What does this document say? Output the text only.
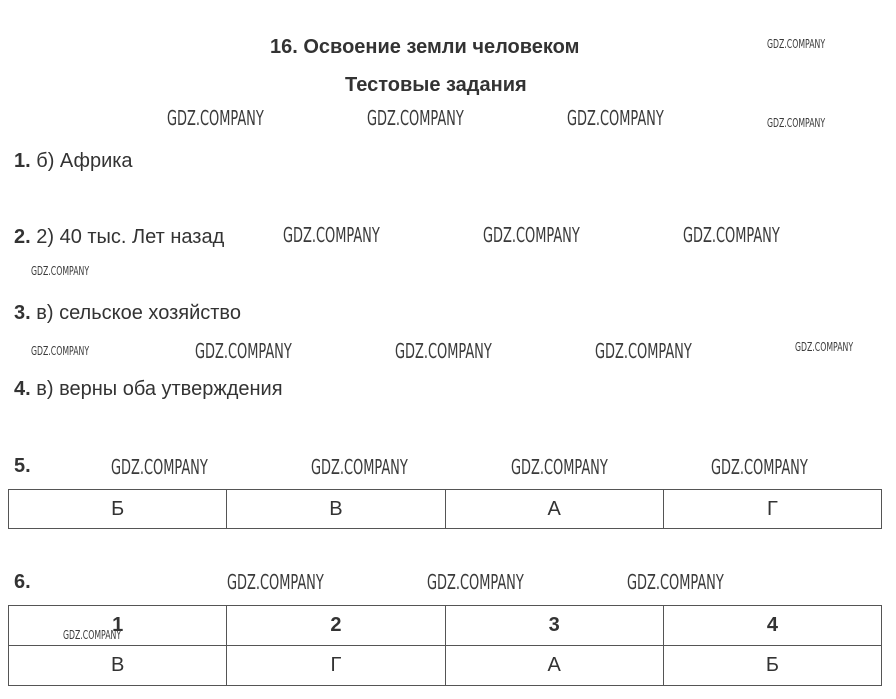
16. Освоение земли человеком
Тестовые задания
1. б) Африка
2. 2) 40 тыс. Лет назад
3. в) сельское хозяйство
4. в) верны оба утверждения
5.
Б	В	А	Г
6.
1	2	3	4
В	Г	А	Б
GDZ.COMPANY
GDZ.COMPANY	GDZ.COMPANY	GDZ.COMPANY	GDZ.COMPANY
GDZ.COMPANY	GDZ.COMPANY	GDZ.COMPANY
GDZ.COMPANY
GDZ.COMPANY	GDZ.COMPANY	GDZ.COMPANY	GDZ.COMPANY	GDZ.COMPANY
GDZ.COMPANY	GDZ.COMPANY	GDZ.COMPANY	GDZ.COMPANY
GDZ.COMPANY	GDZ.COMPANY	GDZ.COMPANY
GDZ.COMPANY
